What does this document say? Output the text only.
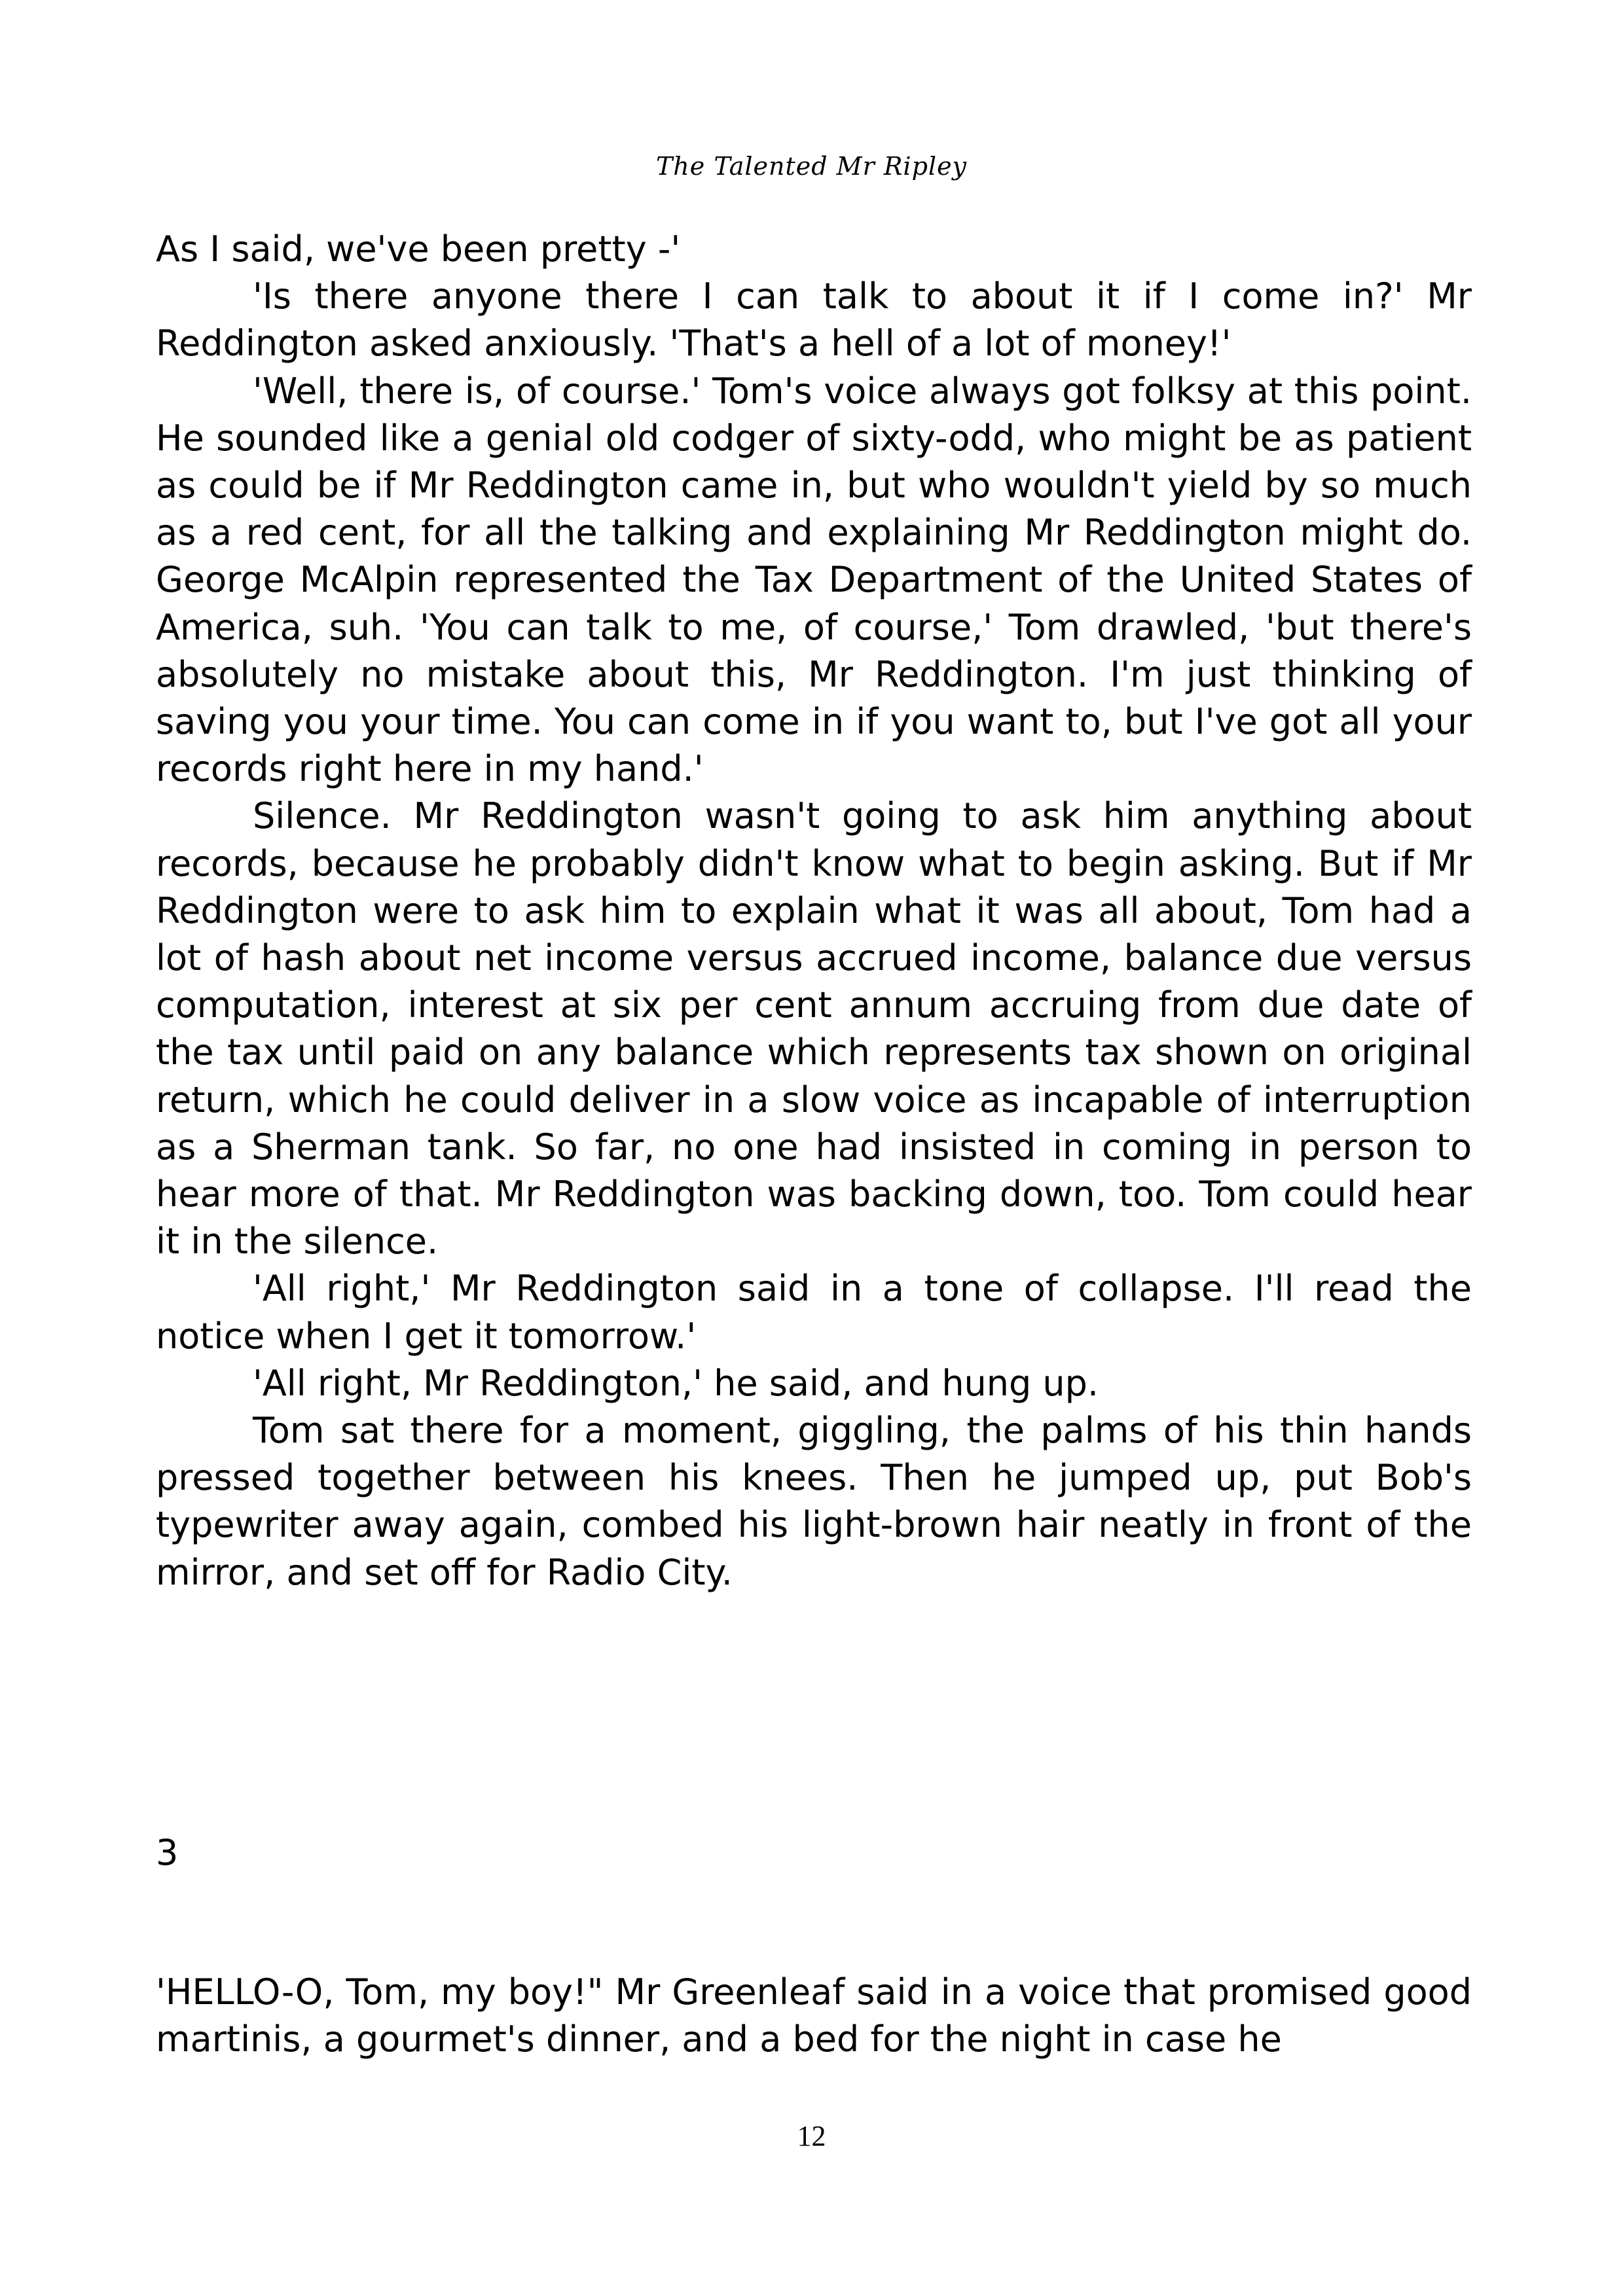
The Talented Mr Ripley

As I said, we've been pretty -'

'Is there anyone there I can talk to about it if I come in?' Mr Reddington asked anxiously. 'That's a hell of a lot of money!'

'Well, there is, of course.' Tom's voice always got folksy at this point. He sounded like a genial old codger of sixty-odd, who might be as patient as could be if Mr Reddington came in, but who wouldn't yield by so much as a red cent, for all the talking and explaining Mr Reddington might do. George McAlpin represented the Tax Department of the United States of America, suh. 'You can talk to me, of course,' Tom drawled, 'but there's absolutely no mistake about this, Mr Reddington. I'm just thinking of saving you your time. You can come in if you want to, but I've got all your records right here in my hand.'

Silence. Mr Reddington wasn't going to ask him anything about records, because he probably didn't know what to begin asking. But if Mr Reddington were to ask him to explain what it was all about, Tom had a lot of hash about net income versus accrued income, balance due versus computation, interest at six per cent annum accruing from due date of the tax until paid on any balance which represents tax shown on original return, which he could deliver in a slow voice as incapable of interruption as a Sherman tank. So far, no one had insisted in coming in person to hear more of that. Mr Reddington was backing down, too. Tom could hear it in the silence.

'All right,' Mr Reddington said in a tone of collapse. I'll read the notice when I get it tomorrow.'

'All right, Mr Reddington,' he said, and hung up.

Tom sat there for a moment, giggling, the palms of his thin hands pressed together between his knees. Then he jumped up, put Bob's typewriter away again, combed his light-brown hair neatly in front of the mirror, and set off for Radio City.

3

'HELLO-O, Tom, my boy!" Mr Greenleaf said in a voice that promised good martinis, a gourmet's dinner, and a bed for the night in case he

12
